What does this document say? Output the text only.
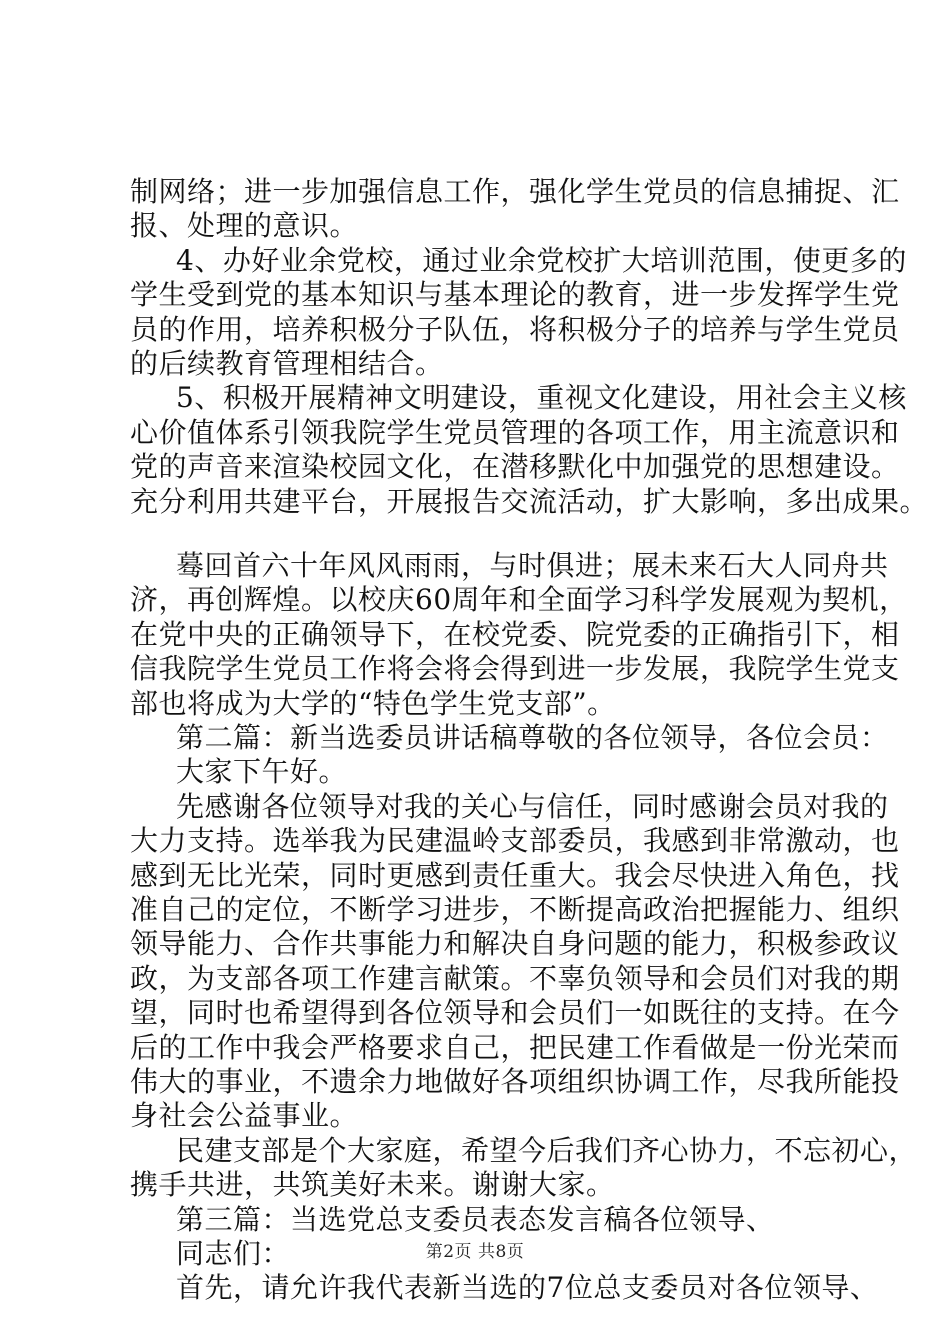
制网络；进一步加强信息工作，强化学生党员的信息捕捉、汇
报、处理的意识。
4、办好业余党校，通过业余党校扩大培训范围，使更多的
学生受到党的基本知识与基本理论的教育，进一步发挥学生党
员的作用，培养积极分子队伍，将积极分子的培养与学生党员
的后续教育管理相结合。
5、积极开展精神文明建设，重视文化建设，用社会主义核
心价值体系引领我院学生党员管理的各项工作，用主流意识和
党的声音来渲染校园文化，在潜移默化中加强党的思想建设。
充分利用共建平台，开展报告交流活动，扩大影响，多出成果。
蓦回首六十年风风雨雨，与时俱进；展未来石大人同舟共
济，再创辉煌。以校庆60周年和全面学习科学发展观为契机，
在党中央的正确领导下，在校党委、院党委的正确指引下，相
信我院学生党员工作将会将会得到进一步发展，我院学生党支
部也将成为大学的“特色学生党支部”。
第二篇：新当选委员讲话稿尊敬的各位领导，各位会员：
大家下午好。
先感谢各位领导对我的关心与信任，同时感谢会员对我的
大力支持。选举我为民建温岭支部委员，我感到非常激动，也
感到无比光荣，同时更感到责任重大。我会尽快进入角色，找
准自己的定位，不断学习进步，不断提高政治把握能力、组织
领导能力、合作共事能力和解决自身问题的能力，积极参政议
政，为支部各项工作建言献策。不辜负领导和会员们对我的期
望，同时也希望得到各位领导和会员们一如既往的支持。在今
后的工作中我会严格要求自己，把民建工作看做是一份光荣而
伟大的事业，不遗余力地做好各项组织协调工作，尽我所能投
身社会公益事业。
民建支部是个大家庭，希望今后我们齐心协力，不忘初心，
携手共进，共筑美好未来。谢谢大家。
第三篇：当选党总支委员表态发言稿各位领导、
同志们：
首先，请允许我代表新当选的7位总支委员对各位领导、
第2页 共8页
